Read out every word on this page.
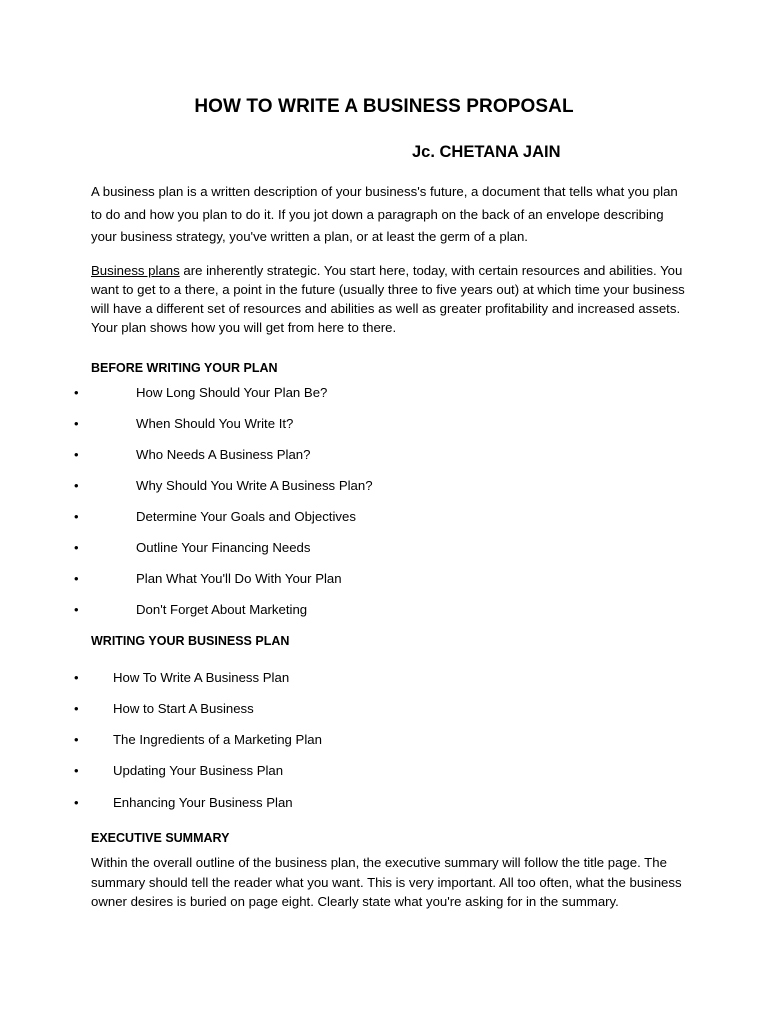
HOW TO WRITE A BUSINESS PROPOSAL
Jc. CHETANA JAIN

A business plan is a written description of your business's future, a document that tells what you plan to do and how you plan to do it. If you jot down a paragraph on the back of an envelope describing your business strategy, you've written a plan, or at least the germ of a plan.

Business plans are inherently strategic. You start here, today, with certain resources and abilities. You want to get to a there, a point in the future (usually three to five years out) at which time your business will have a different set of resources and abilities as well as greater profitability and increased assets. Your plan shows how you will get from here to there.

BEFORE WRITING YOUR PLAN
•	How Long Should Your Plan Be?
•	When Should You Write It?
•	Who Needs A Business Plan?
•	Why Should You Write A Business Plan?
•	Determine Your Goals and Objectives
•	Outline Your Financing Needs
•	Plan What You'll Do With Your Plan
•	Don't Forget About Marketing
WRITING YOUR BUSINESS PLAN
•	How To Write A Business Plan
•	How to Start A Business
•	The Ingredients of a Marketing Plan
•	Updating Your Business Plan
•	Enhancing Your Business Plan
EXECUTIVE SUMMARY

Within the overall outline of the business plan, the executive summary will follow the title page. The summary should tell the reader what you want. This is very important. All too often, what the business owner desires is buried on page eight. Clearly state what you're asking for in the summary.
